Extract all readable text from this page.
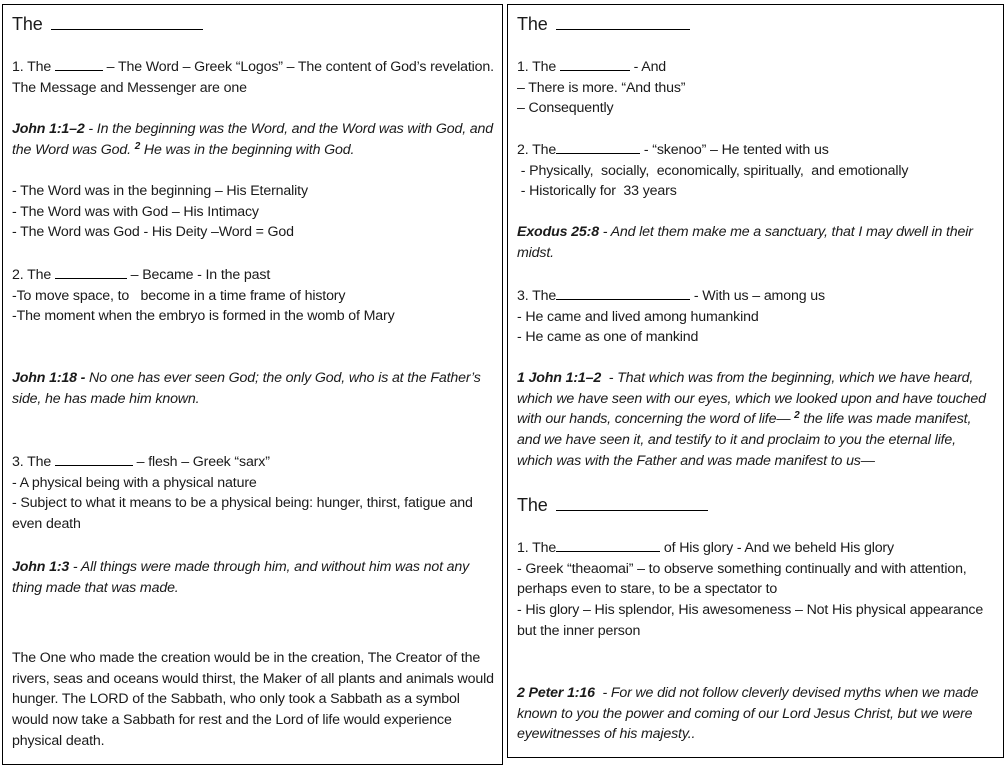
The
1. The	– The Word – Greek “Logos” – The content of God’s revelation. The Message and Messenger are one
John 1:1–2 - In the beginning was the Word, and the Word was with God, and the Word was God. $^2$ He was in the beginning with God.
- The Word was in the beginning – His Eternality
- The Word was with God – His Intimacy
- The Word was God - His Deity –Word = God
2. The	– Became - In the past
-To move space, to   become in a time frame of history
-The moment when the embryo is formed in the womb of Mary
John 1:18 - No one has ever seen God; the only God, who is at the Father’s side, he has made him known.
3. The	– flesh – Greek “sarx”
- A physical being with a physical nature
- Subject to what it means to be a physical being: hunger, thirst, fatigue and even death
John 1:3 - All things were made through him, and without him was not any thing made that was made.
The One who made the creation would be in the creation, The Creator of the rivers, seas and oceans would thirst, the Maker of all plants and animals would hunger. The LORD of the Sabbath, who only took a Sabbath as a symbol would now take a Sabbath for rest and the Lord of life would experience physical death.
The
1. The	- And
– There is more. “And thus”
– Consequently
2. The	- “skenoo” – He tented with us
- Physically,  socially,  economically, spiritually,  and emotionally
- Historically for  33 years
Exodus 25:8 - And let them make me a sanctuary, that I may dwell in their midst.
3. The	- With us – among us
- He came and lived among humankind
- He came as one of mankind
1 John 1:1–2  - That which was from the beginning, which we have heard, which we have seen with our eyes, which we looked upon and have touched with our hands, concerning the word of life— $^2$ the life was made manifest, and we have seen it, and testify to it and proclaim to you the eternal life, which was with the Father and was made manifest to us—
The
1. The	of His glory - And we beheld His glory
- Greek “theaomai” – to observe something continually and with attention, perhaps even to stare, to be a spectator to
- His glory – His splendor, His awesomeness – Not His physical appearance but the inner person
2 Peter 1:16  - For we did not follow cleverly devised myths when we made known to you the power and coming of our Lord Jesus Christ, but we were eyewitnesses of his majesty..
